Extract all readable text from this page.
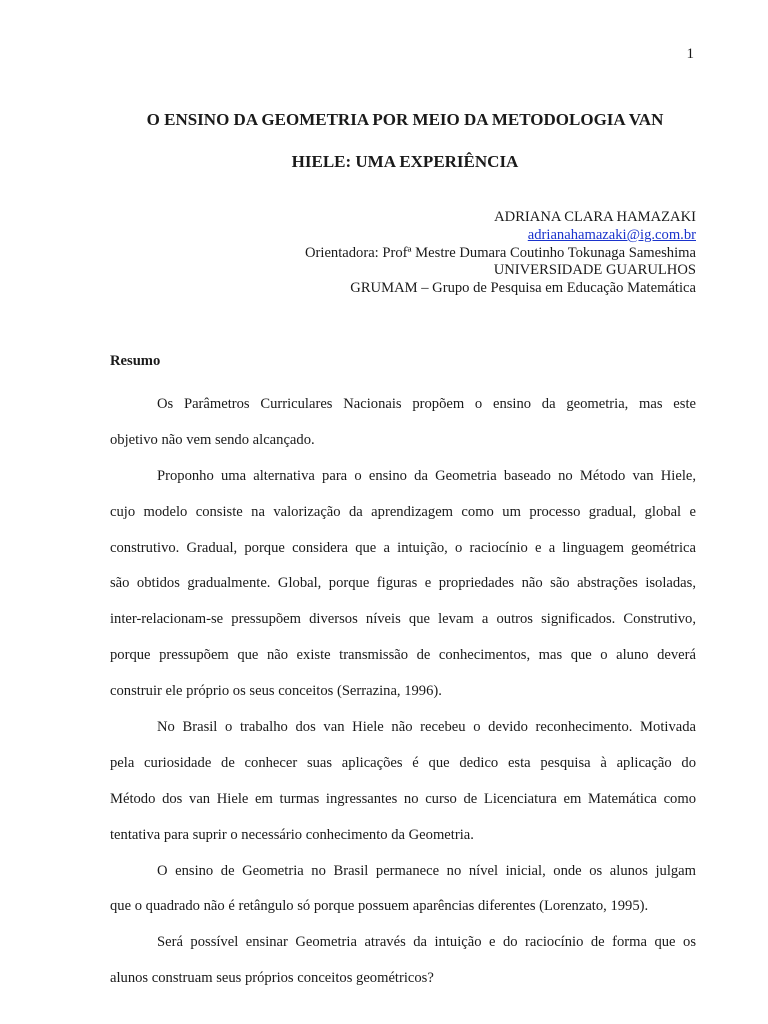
1
O ENSINO DA GEOMETRIA POR MEIO DA METODOLOGIA VAN
HIELE: UMA EXPERIÊNCIA
ADRIANA CLARA HAMAZAKI
adrianahamazaki@ig.com.br
Orientadora: Profª Mestre Dumara Coutinho Tokunaga Sameshima
UNIVERSIDADE GUARULHOS
GRUMAM – Grupo de Pesquisa em Educação Matemática
Resumo
Os Parâmetros Curriculares Nacionais propõem o ensino da geometria, mas este
objetivo não vem sendo alcançado.
Proponho uma alternativa para o ensino da Geometria baseado no Método van Hiele,
cujo modelo consiste na valorização da aprendizagem como um processo gradual, global e
construtivo. Gradual, porque considera que a intuição, o raciocínio e a linguagem geométrica
são obtidos gradualmente. Global, porque figuras e propriedades não são abstrações isoladas,
inter-relacionam-se pressupõem diversos níveis que levam a outros significados. Construtivo,
porque pressupõem que não existe transmissão de conhecimentos, mas que o aluno deverá
construir ele próprio os seus conceitos (Serrazina, 1996).
No Brasil o trabalho dos van Hiele não recebeu o devido reconhecimento. Motivada
pela curiosidade de conhecer suas aplicações é que dedico esta pesquisa à aplicação do
Método dos van Hiele em turmas ingressantes no curso de Licenciatura em Matemática como
tentativa para suprir o necessário conhecimento da Geometria.
O ensino de Geometria no Brasil permanece no nível inicial, onde os alunos julgam
que o quadrado não é retângulo só porque possuem aparências diferentes (Lorenzato, 1995).
Será possível ensinar Geometria através da intuição e do raciocínio de forma que os
alunos construam seus próprios conceitos geométricos?
